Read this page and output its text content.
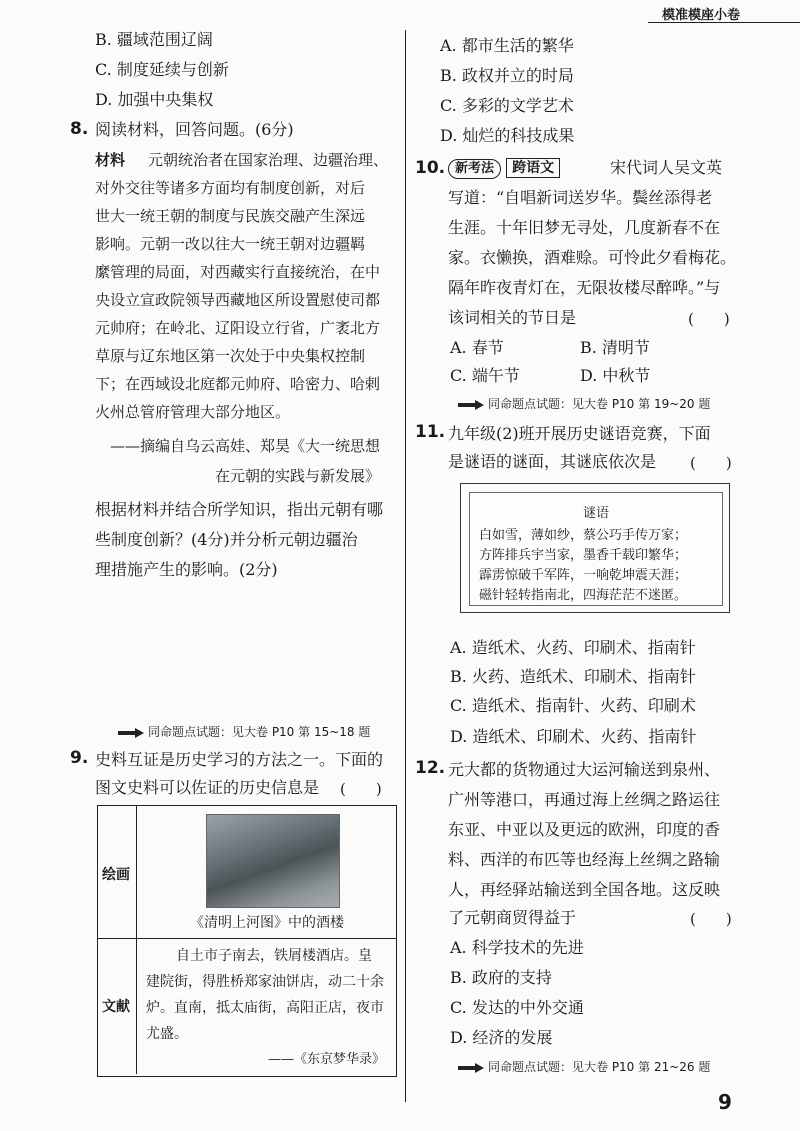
模准模座小卷
B. 疆域范围辽阔
C. 制度延续与创新
D. 加强中央集权
8. 阅读材料，回答问题。(6分)
材料 元朝统治者在国家治理、边疆治理、
对外交往等诸多方面均有制度创新，对后
世大一统王朝的制度与民族交融产生深远
影响。元朝一改以往大一统王朝对边疆羁
縻管理的局面，对西藏实行直接统治，在中
央设立宣政院领导西藏地区所设置慰使司都
元帅府；在岭北、辽阳设立行省，广袤北方
草原与辽东地区第一次处于中央集权控制
下；在西域设北庭都元帅府、哈密力、哈剌
火州总管府管理大部分地区。
——摘编自乌云高娃、郑昊《大一统思想
在元朝的实践与新发展》
根据材料并结合所学知识，指出元朝有哪
些制度创新？(4分)并分析元朝边疆治
理措施产生的影响。(2分)
同命题点试题：见大卷 P10 第 15~18 题
9. 史料互证是历史学习的方法之一。下面的
图文史料可以佐证的历史信息是 (　　)
绘画
《清明上河图》中的酒楼
文献
自土市子南去，铁屑楼酒店。皇
建院街，得胜桥郑家油饼店，动二十余
炉。直南，抵太庙街，高阳正店，夜市
尤盛。
——《东京梦华录》
A. 都市生活的繁华
B. 政权并立的时局
C. 多彩的文学艺术
D. 灿烂的科技成果
10. 新考法 跨语文	宋代词人吴文英
写道：“自唱新词送岁华。鬓丝添得老
生涯。十年旧梦无寻处，几度新春不在
家。衣懒换，酒难赊。可怜此夕看梅花。
隔年昨夜青灯在，无限妆楼尽醉哗。”与
该词相关的节日是	(　　)
A. 春节	B. 清明节
C. 端午节	D. 中秋节
同命题点试题：见大卷 P10 第 19~20 题
11. 九年级(2)班开展历史谜语竞赛，下面
是谜语的谜面，其谜底依次是 (　　)
谜语
白如雪，薄如纱，蔡公巧手传万家；
方阵排兵宇当家，墨香千载印繁华；
霹雳惊破千军阵，一响乾坤震天涯；
磁针轻转指南北，四海茫茫不迷匿。
A. 造纸术、火药、印刷术、指南针
B. 火药、造纸术、印刷术、指南针
C. 造纸术、指南针、火药、印刷术
D. 造纸术、印刷术、火药、指南针
12. 元大都的货物通过大运河输送到泉州、
广州等港口，再通过海上丝绸之路运往
东亚、中亚以及更远的欧洲，印度的香
料、西洋的布匹等也经海上丝绸之路输
人，再经驿站输送到全国各地。这反映
了元朝商贸得益于	(　　)
A. 科学技术的先进
B. 政府的支持
C. 发达的中外交通
D. 经济的发展
同命题点试题：见大卷 P10 第 21~26 题
9
